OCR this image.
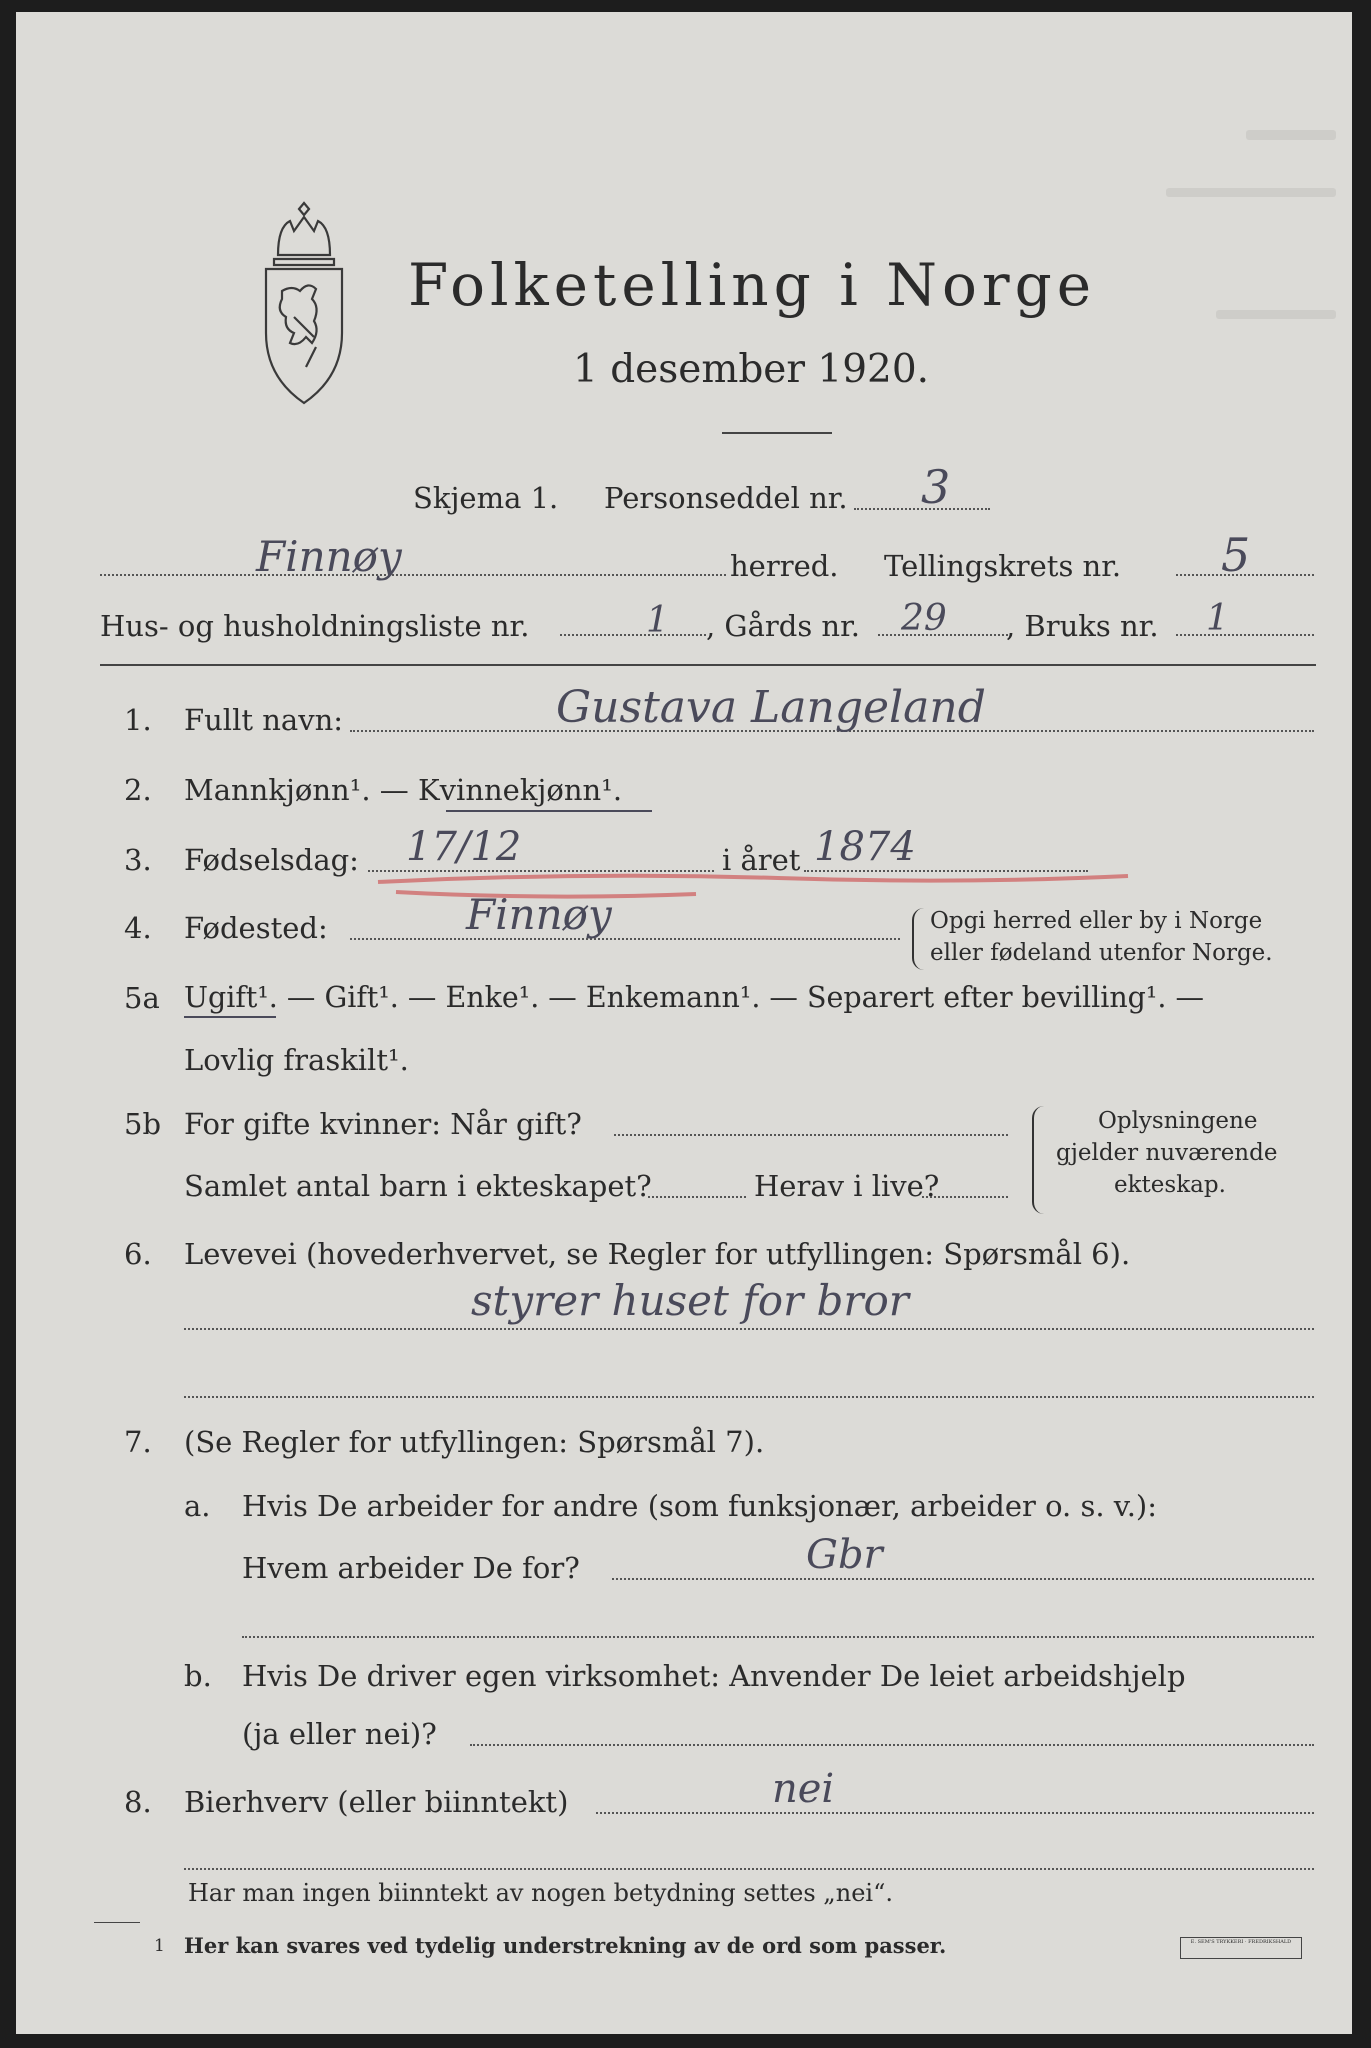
Folketelling i Norge
1 desember 1920.
Skjema 1. Personseddel nr. 3
Finnøy	herred. Tellingskrets nr. 5
Hus- og husholdningsliste nr.	1 , Gårds nr. 29 , Bruks nr. 1
1. Fullt navn:	Gustava Langeland
2. Mannkjønn¹. — Kvinnekjønn¹.
3. Fødselsdag: 17/12	i året 1874
4. Fødested:	Finnøy	Opgi herred eller by i Norge
eller fødeland utenfor Norge.
5a Ugift¹. — Gift¹. — Enke¹. — Enkemann¹. — Separert efter bevilling¹. —
Lovlig fraskilt¹.
5b For gifte kvinner: Når gift?
Samlet antal barn i ekteskapet?	Herav i live?
Oplysningene
gjelder nuværende
ekteskap.
6. Levevei (hovederhvervet, se Regler for utfyllingen: Spørsmål 6).
styrer huset for bror
7. (Se Regler for utfyllingen: Spørsmål 7).
a. Hvis De arbeider for andre (som funksjonær, arbeider o. s. v.):
Hvem arbeider De for?	Gbr
b. Hvis De driver egen virksomhet: Anvender De leiet arbeidshjelp
(ja eller nei)?
8. Bierhverv (eller biinntekt)	nei
Har man ingen biinntekt av nogen betydning settes „nei“.
1 Her kan svares ved tydelig understrekning av de ord som passer.	E. SEM'S TRYKKERI · FREDRIKSHALD
